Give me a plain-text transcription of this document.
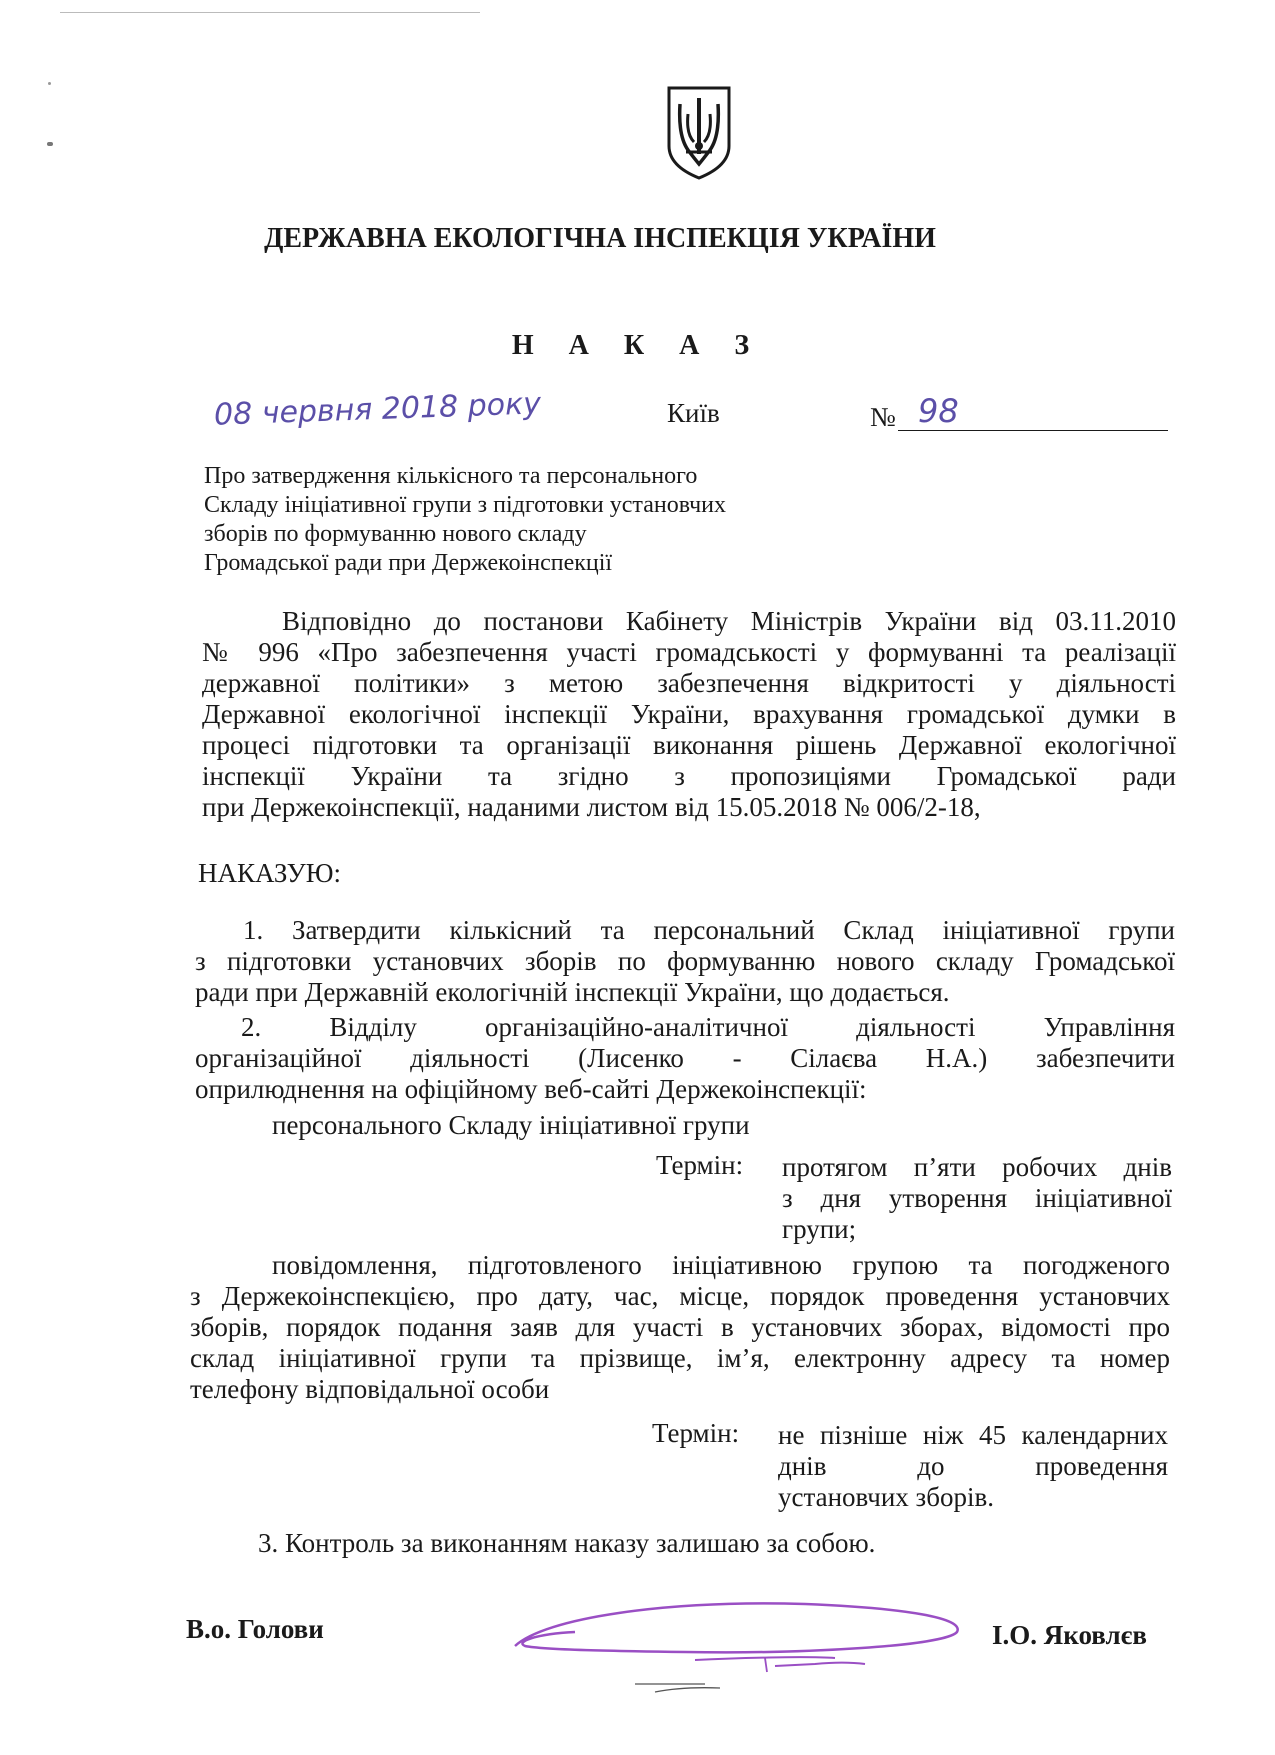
ДЕРЖАВНА ЕКОЛОГІЧНА ІНСПЕКЦІЯ УКРАЇНИ
Н А К А З
08 червня 2018 року	Київ	№ 98
Про затвердження кількісного та персонального
Складу ініціативної групи з підготовки установчих
зборів по формуванню нового складу
Громадської ради при Держекоінспекції
Відповідно до постанови Кабінету Міністрів України від 03.11.2010
№ 996 «Про забезпечення участі громадськості у формуванні та реалізації
державної політики» з метою забезпечення відкритості у діяльності
Державної екологічної інспекції України, врахування громадської думки в
процесі підготовки та організації виконання рішень Державної екологічної
інспекції України та згідно з пропозиціями Громадської ради
при Держекоінспекції, наданими листом від 15.05.2018 № 006/2-18,
НАКАЗУЮ:
1. Затвердити кількісний та персональний Склад ініціативної групи
з підготовки установчих зборів по формуванню нового складу Громадської
ради при Державній екологічній інспекції України, що додається.
2. Відділу організаційно-аналітичної діяльності Управління
організаційної діяльності (Лисенко - Сілаєва Н.А.) забезпечити
оприлюднення на офіційному веб-сайті Держекоінспекції:
персонального Складу ініціативної групи
Термін: протягом п’яти робочих днів
з дня утворення ініціативної
групи;
повідомлення, підготовленого ініціативною групою та погодженого
з Держекоінспекцією, про дату, час, місце, порядок проведення установчих
зборів, порядок подання заяв для участі в установчих зборах, відомості про
склад ініціативної групи та прізвище, ім’я, електронну адресу та номер
телефону відповідальної особи
Термін: не пізніше ніж 45 календарних
днів до проведення
установчих зборів.
3. Контроль за виконанням наказу залишаю за собою.
В.о. Голови	І.О. Яковлєв
